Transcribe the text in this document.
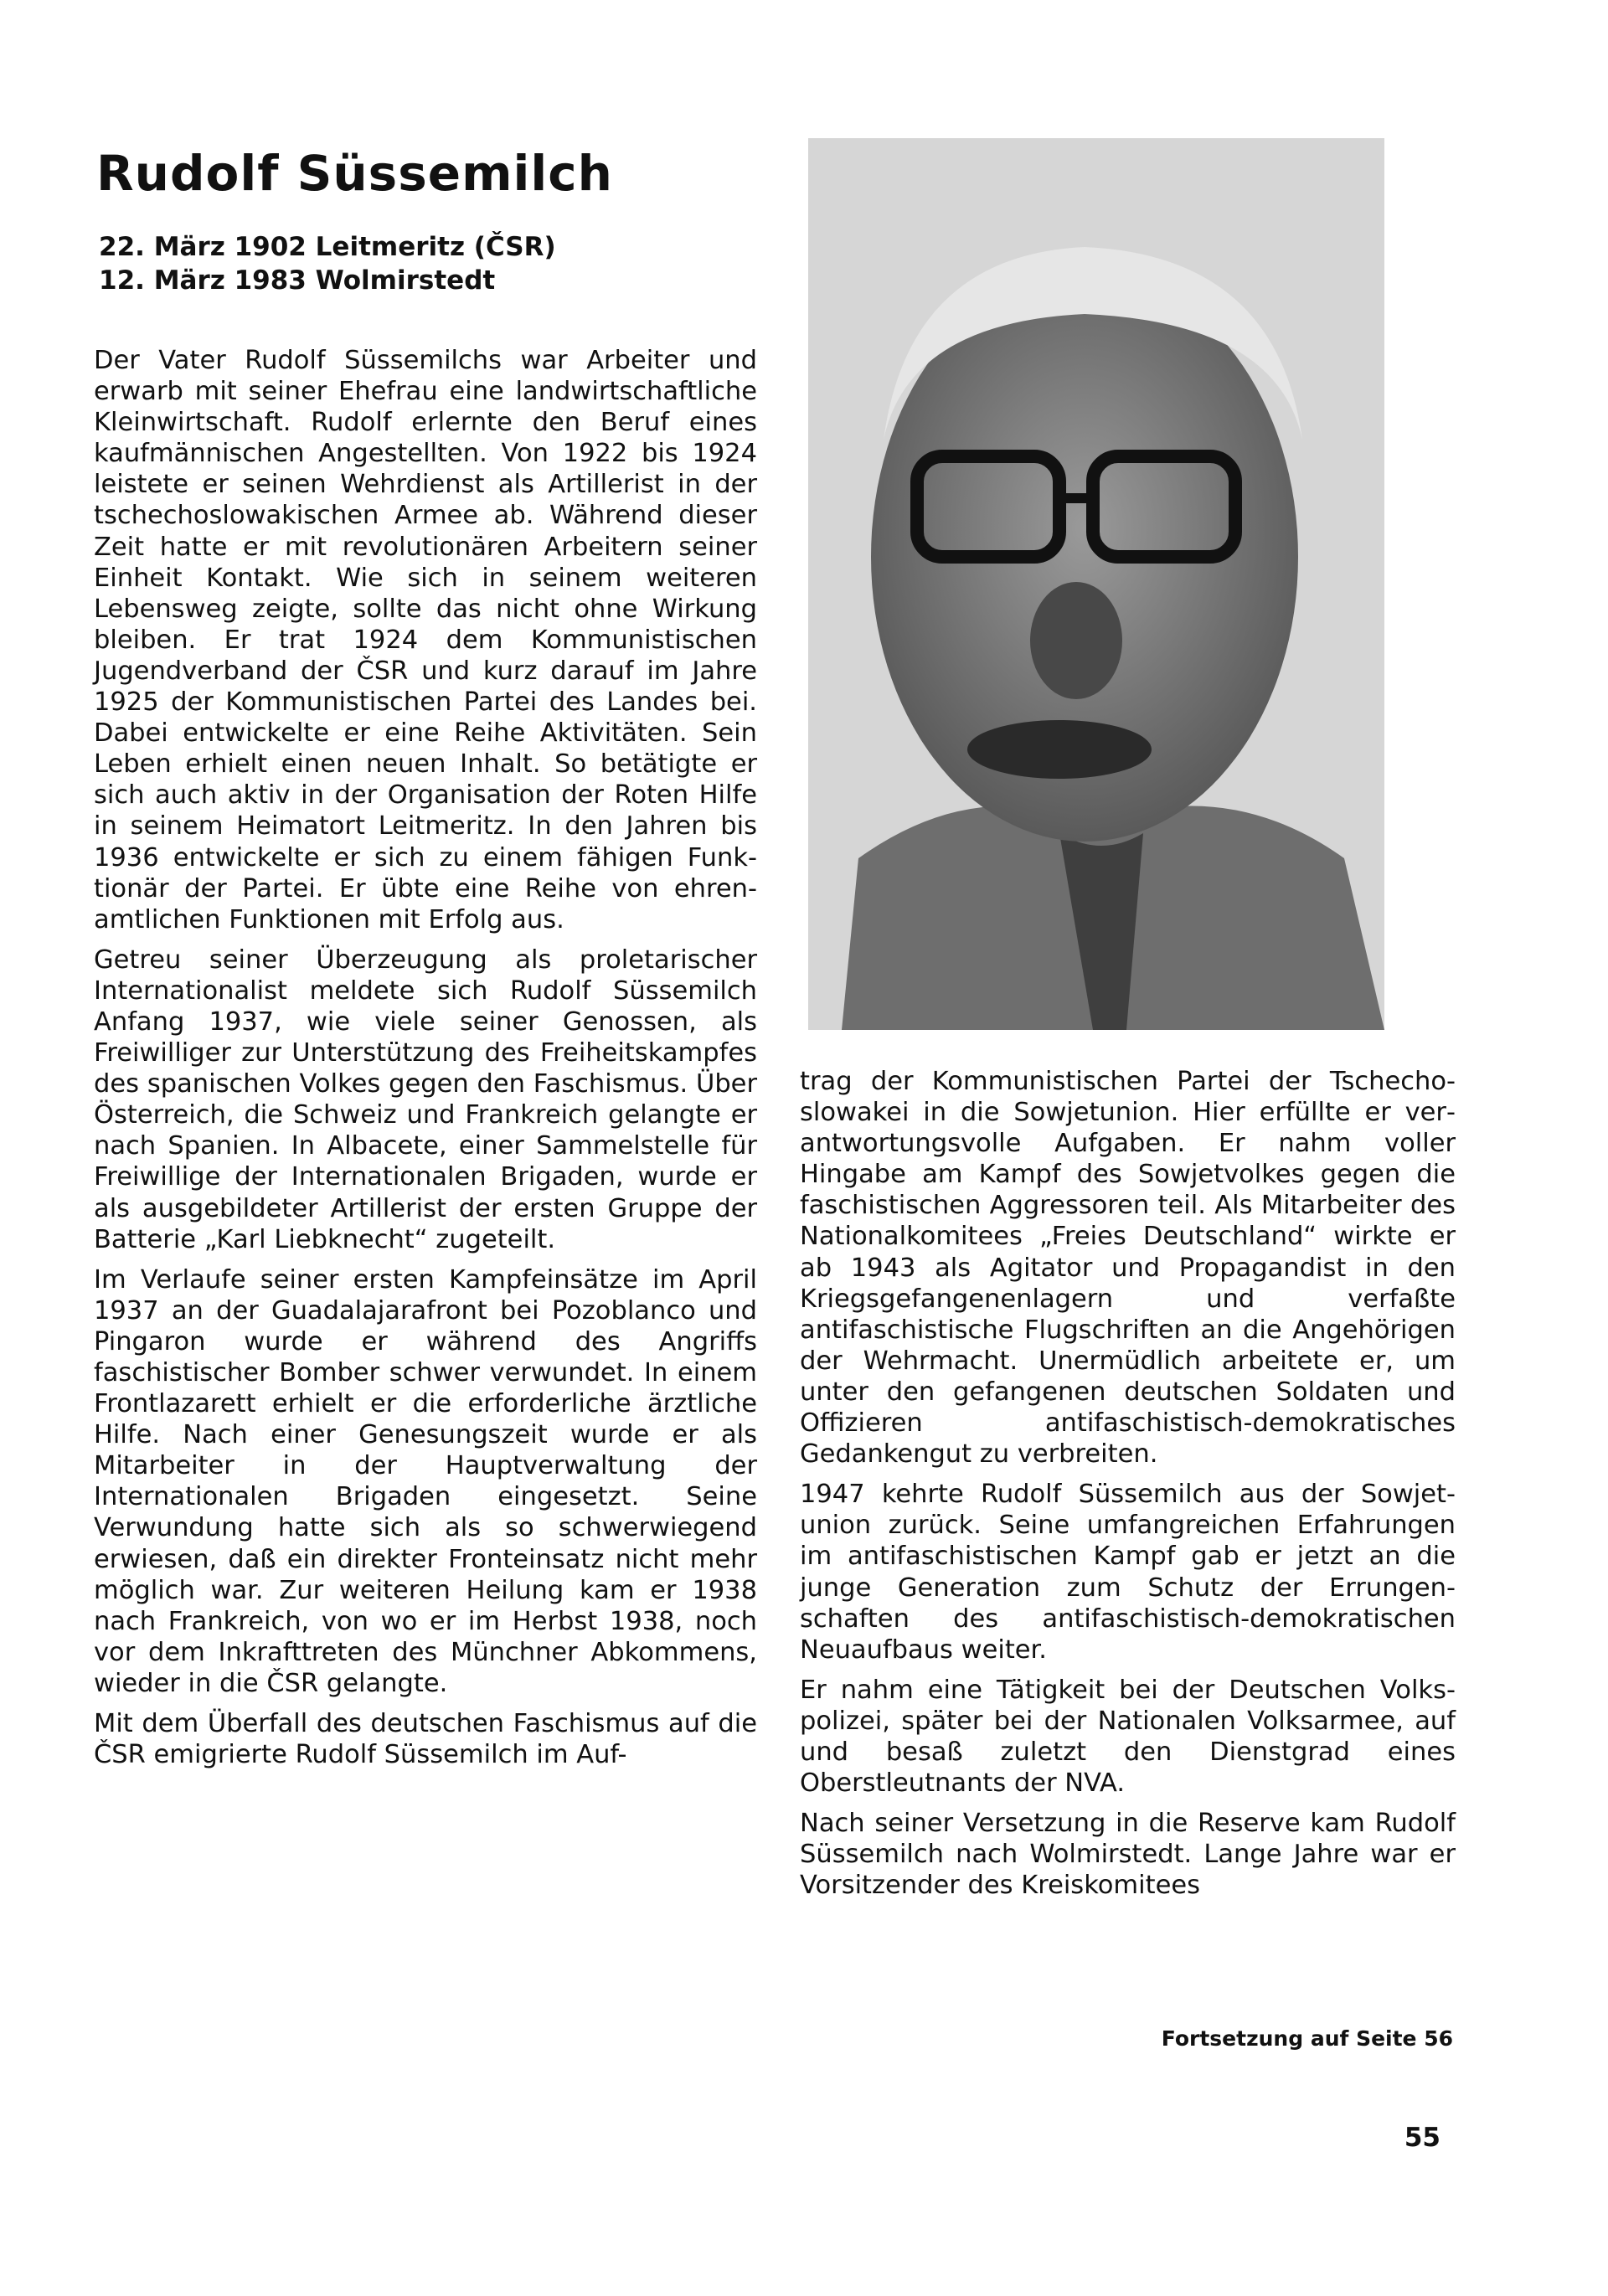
Rudolf Süssemilch
22. März 1902 Leitmeritz (ČSR)
12. März 1983 Wolmirstedt

Der Vater Rudolf Süssemilchs war Arbeiter und erwarb mit seiner Ehefrau eine landwirtschaftliche Kleinwirtschaft. Rudolf erlernte den Beruf eines kaufmännischen Angestellten. Von 1922 bis 1924 leistete er seinen Wehrdienst als Artillerist in der tschechoslowakischen Armee ab. Während dieser Zeit hatte er mit revolutionären Arbeitern seiner Einheit Kontakt. Wie sich in seinem weiteren Lebensweg zeigte, sollte das nicht ohne Wirkung bleiben. Er trat 1924 dem Kommunistischen Jugendverband der ČSR und kurz darauf im Jahre 1925 der Kommunistischen Partei des Landes bei. Dabei entwickelte er eine Reihe Aktivitäten. Sein Leben erhielt einen neuen Inhalt. So betätigte er sich auch aktiv in der Organisation der Roten Hilfe in seinem Heimatort Leitmeritz. In den Jahren bis 1936 entwickelte er sich zu einem fähigen Funktionär der Partei. Er übte eine Reihe von ehrenamtlichen Funktionen mit Erfolg aus.

Getreu seiner Überzeugung als proletarischer Internationalist meldete sich Rudolf Süssemilch Anfang 1937, wie viele seiner Genossen, als Freiwilliger zur Unterstützung des Freiheitskampfes des spanischen Volkes gegen den Faschismus. Über Österreich, die Schweiz und Frankreich gelangte er nach Spanien. In Albacete, einer Sammelstelle für Freiwillige der Internationalen Brigaden, wurde er als ausgebildeter Artillerist der ersten Gruppe der Batterie „Karl Liebknecht“ zugeteilt.

Im Verlaufe seiner ersten Kampfeinsätze im April 1937 an der Guadalajarafront bei Pozoblanco und Pingaron wurde er während des Angriffs faschistischer Bomber schwer verwundet. In einem Frontlazarett erhielt er die erforderliche ärztliche Hilfe. Nach einer Genesungszeit wurde er als Mitarbeiter in der Hauptverwaltung der Internationalen Brigaden eingesetzt. Seine Verwundung hatte sich als so schwerwiegend erwiesen, daß ein direkter Fronteinsatz nicht mehr möglich war. Zur weiteren Heilung kam er 1938 nach Frankreich, von wo er im Herbst 1938, noch vor dem Inkrafttreten des Münchner Abkommens, wieder in die ČSR gelangte.

Mit dem Überfall des deutschen Faschismus auf die ČSR emigrierte Rudolf Süssemilch im Auf-

trag der Kommunistischen Partei der Tschechoslowakei in die Sowjetunion. Hier erfüllte er verantwortungsvolle Aufgaben. Er nahm voller Hingabe am Kampf des Sowjetvolkes gegen die faschistischen Aggressoren teil. Als Mitarbeiter des Nationalkomitees „Freies Deutschland“ wirkte er ab 1943 als Agitator und Propagandist in den Kriegsgefangenenlagern und verfaßte antifaschistische Flugschriften an die Angehörigen der Wehrmacht. Unermüdlich arbeitete er, um unter den gefangenen deutschen Soldaten und Offizieren antifaschistisch-demokratisches Gedankengut zu verbreiten.

1947 kehrte Rudolf Süssemilch aus der Sowjetunion zurück. Seine umfangreichen Erfahrungen im antifaschistischen Kampf gab er jetzt an die junge Generation zum Schutz der Errungenschaften des antifaschistisch-demokratischen Neuaufbaus weiter.

Er nahm eine Tätigkeit bei der Deutschen Volkspolizei, später bei der Nationalen Volksarmee, auf und besaß zuletzt den Dienstgrad eines Oberstleutnants der NVA.

Nach seiner Versetzung in die Reserve kam Rudolf Süssemilch nach Wolmirstedt. Lange Jahre war er Vorsitzender des Kreiskomitees

Fortsetzung auf Seite 56
55
